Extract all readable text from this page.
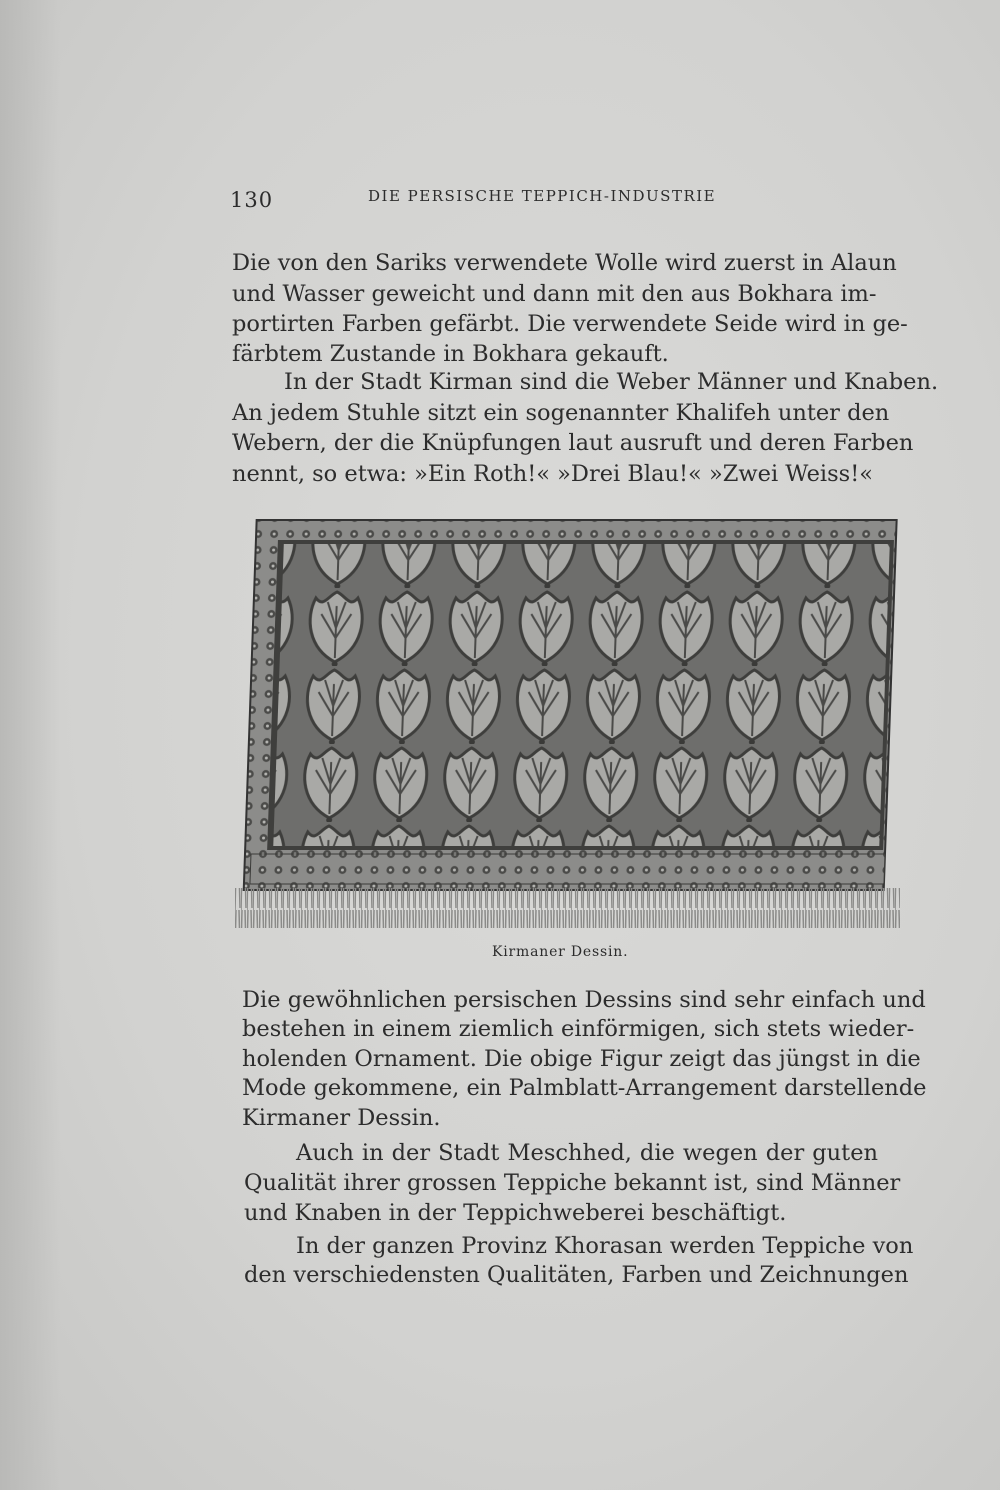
130	DIE PERSISCHE TEPPICH-INDUSTRIE
Die von den Sariks verwendete Wolle wird zuerst in Alaun
und Wasser geweicht und dann mit den aus Bokhara im-
portirten Farben gefärbt. Die verwendete Seide wird in ge-
färbtem Zustande in Bokhara gekauft.
In der Stadt Kirman sind die Weber Männer und Knaben.
An jedem Stuhle sitzt ein sogenannter Khalifeh unter den
Webern, der die Knüpfungen laut ausruft und deren Farben
nennt, so etwa: »Ein Roth!« »Drei Blau!« »Zwei Weiss!«
Kirmaner Dessin.
Die gewöhnlichen persischen Dessins sind sehr einfach und
bestehen in einem ziemlich einförmigen, sich stets wieder-
holenden Ornament. Die obige Figur zeigt das jüngst in die
Mode gekommene, ein Palmblatt-Arrangement darstellende
Kirmaner Dessin.
Auch in der Stadt Meschhed, die wegen der guten
Qualität ihrer grossen Teppiche bekannt ist, sind Männer
und Knaben in der Teppichweberei beschäftigt.
In der ganzen Provinz Khorasan werden Teppiche von
den verschiedensten Qualitäten, Farben und Zeichnungen
